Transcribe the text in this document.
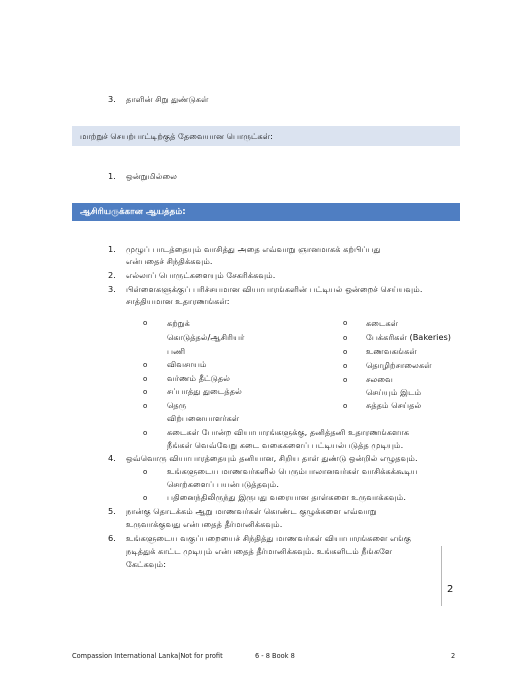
3. தாளின் சிறு துண்டுகள்
மாற்றுச் செயற்பாட்டிற்குத் தேவையான பொருட்கள்:
1. ஒன்றுமில்லை
ஆசிரியருக்கான ஆயத்தம்:
1. முழுப் பாடத்தையும் வாசித்து அதை எவ்வாறு ஞானமாகக் கற்பிப்பது
என்பதைச் சிந்திக்கவும்.
2. எல்லாப் பொருட்களையும் சேகரிக்கவும்.
3. பிள்ளைகளுக்குப் பரிச்சயமான வியாபாரங்களின் பட்டியல் ஒன்றைச் செய்யவும்.
சாத்தியமான உதாரணங்கள்:
o கற்றுக்
கொடுத்தல்/ஆசிரியர்
பணி
o விவசாயம்
o வர்ணம் தீட்டுதல்
o சப்பாத்து துடைத்தல்
o தெரு
விற்பனையாளர்கள்
o கடைகள்
o பேக்கரிகள் (Bakeries)
o உணவகங்கள்
o தொழிற்சாலைகள்
o சலவை
செய்யும் இடம்
o சுத்தம் செய்தல்
o கடைகள் போன்ற வியாபாரங்களுக்கு, தனித்தனி உதாரணங்களாக
நீங்கள் வெவ்வேறு கடை வகைகளைப் பட்டியல்படுத்த முடியும்.
4. ஒவ்வொரு வியாபாரத்தையும் தனியான, சிறிய தாள் துண்டு ஒன்றில் எழுதவும்.
o உங்களுடைய மாணவர்களில் பெரும்பாலானவர்கள் வாசிக்கக்கூடிய
சொற்களைப் பயன்படுத்தவும்.
o பதினைந்திலிருந்து இருபது வரையான தாள்களை உருவாக்கவும்.
5. நான்கு தொடக்கம் ஆறு மாணவர்கள் கொண்ட குழுக்களை எவ்வாறு
உருவாக்குவது என்பதைத் தீர்மானிக்கவும்.
6. உங்களுடைய வகுப்பறையைச் சிந்தித்து மாணவர்கள் வியாபாரங்களை எங்கு
நடித்துக் காட்ட முடியும் என்பதைத் தீர்மானிக்கவும். உங்களிடம் நீங்களே
கேட்கவும்:
2
Compassion International Lanka|Not for profit	6 - 8 Book 8	2
